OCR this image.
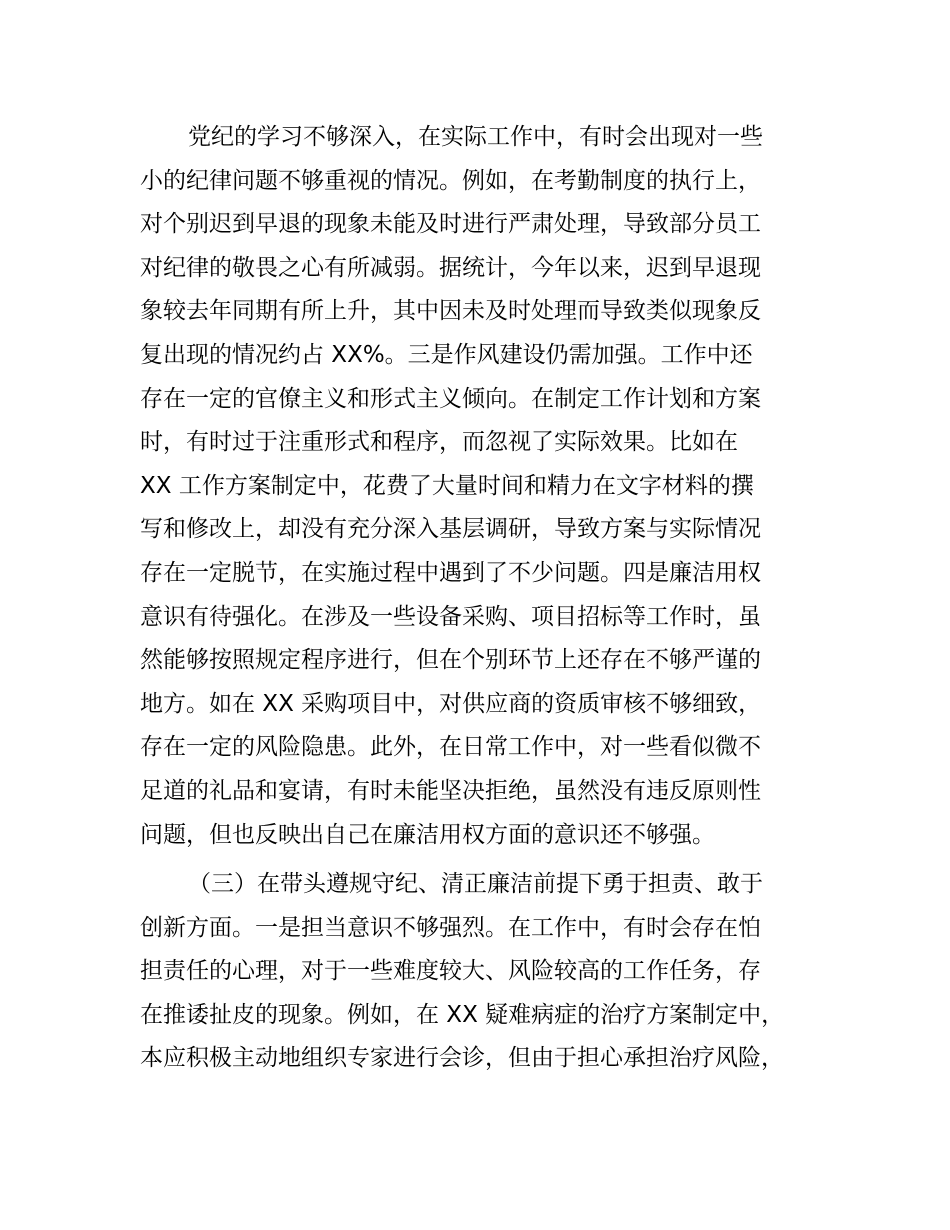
党纪的学习不够深入，在实际工作中，有时会出现对一些
小的纪律问题不够重视的情况。例如，在考勤制度的执行上，
对个别迟到早退的现象未能及时进行严肃处理，导致部分员工
对纪律的敬畏之心有所减弱。据统计，今年以来，迟到早退现
象较去年同期有所上升，其中因未及时处理而导致类似现象反
复出现的情况约占 XX%。三是作风建设仍需加强。工作中还
存在一定的官僚主义和形式主义倾向。在制定工作计划和方案
时，有时过于注重形式和程序，而忽视了实际效果。比如在
XX 工作方案制定中，花费了大量时间和精力在文字材料的撰
写和修改上，却没有充分深入基层调研，导致方案与实际情况
存在一定脱节，在实施过程中遇到了不少问题。四是廉洁用权
意识有待强化。在涉及一些设备采购、项目招标等工作时，虽
然能够按照规定程序进行，但在个别环节上还存在不够严谨的
地方。如在 XX 采购项目中，对供应商的资质审核不够细致，
存在一定的风险隐患。此外，在日常工作中，对一些看似微不
足道的礼品和宴请，有时未能坚决拒绝，虽然没有违反原则性
问题，但也反映出自己在廉洁用权方面的意识还不够强。
（三）在带头遵规守纪、清正廉洁前提下勇于担责、敢于
创新方面。一是担当意识不够强烈。在工作中，有时会存在怕
担责任的心理，对于一些难度较大、风险较高的工作任务，存
在推诿扯皮的现象。例如，在 XX 疑难病症的治疗方案制定中，
本应积极主动地组织专家进行会诊，但由于担心承担治疗风险，
